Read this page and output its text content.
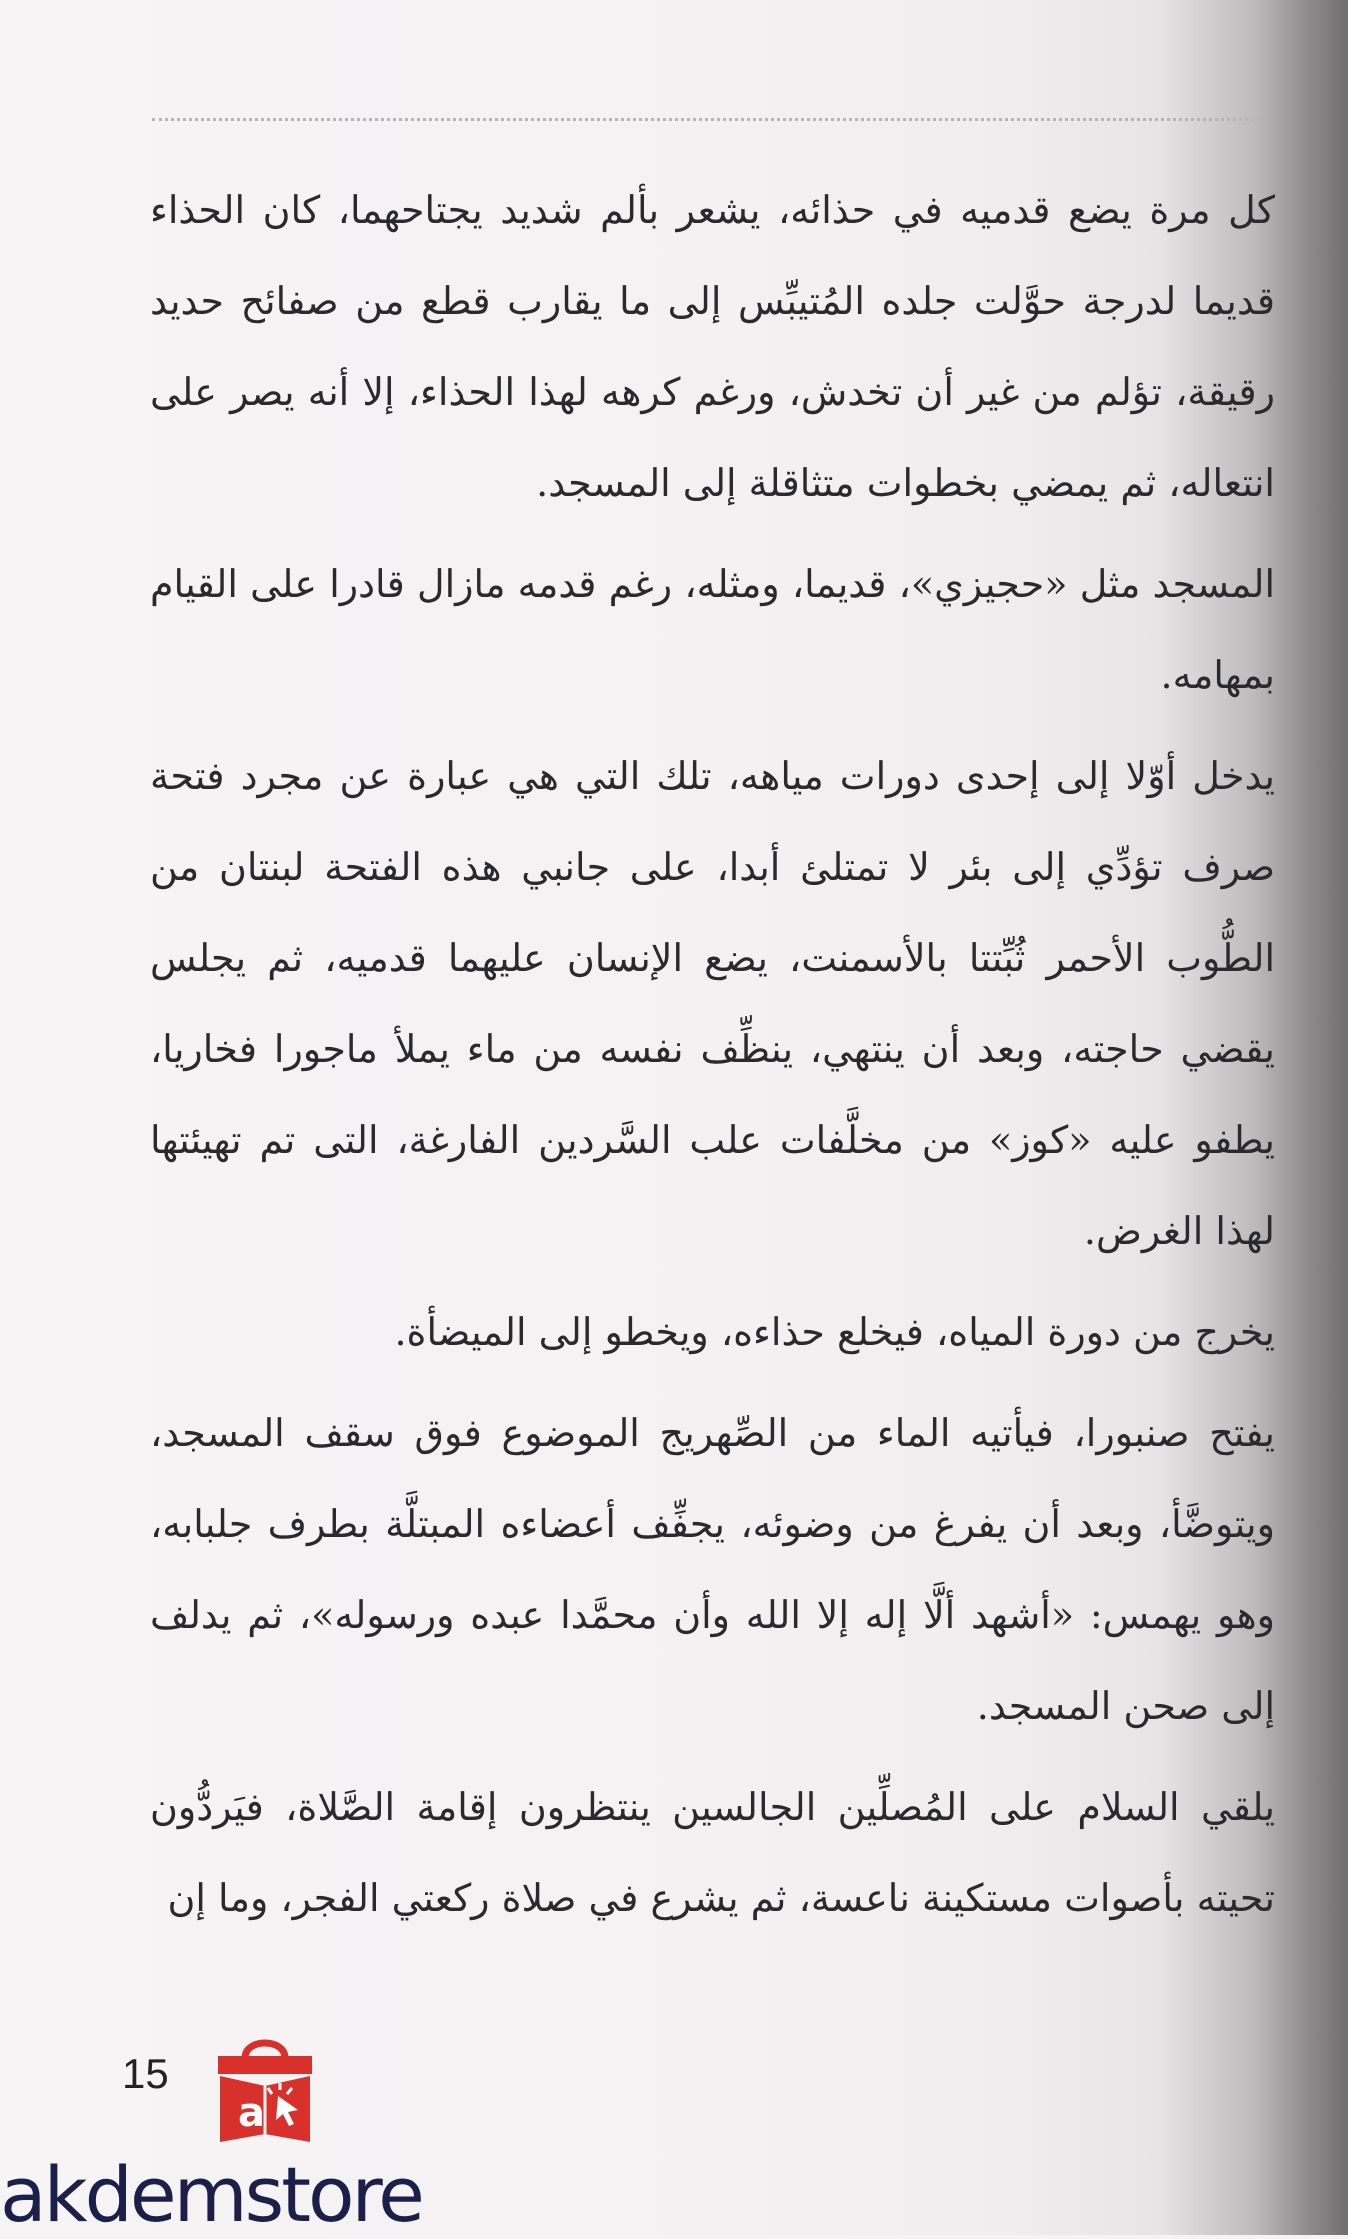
كل مرة يضع قدميه في حذائه، يشعر بألم شديد يجتاحهما، كان الحذاء قديما لدرجة حوَّلت جلده المُتيبِّس إلى ما يقارب قطع من صفائح حديد رقيقة، تؤلم من غير أن تخدش، ورغم كرهه لهذا الحذاء، إلا أنه يصر على انتعاله، ثم يمضي بخطوات متثاقلة إلى المسجد.

المسجد مثل «حجيزي»، قديما، ومثله، رغم قدمه مازال قادرا على القيام بمهامه.

يدخل أوّلا إلى إحدى دورات مياهه، تلك التي هي عبارة عن مجرد فتحة صرف تؤدِّي إلى بئر لا تمتلئ أبدا، على جانبي هذه الفتحة لبنتان من الطُّوب الأحمر ثُبِّتتا بالأسمنت، يضع الإنسان عليهما قدميه، ثم يجلس يقضي حاجته، وبعد أن ينتهي، ينظِّف نفسه من ماء يملأ ماجورا فخاريا، يطفو عليه «كوز» من مخلَّفات علب السَّردين الفارغة، التى تم تهيئتها لهذا الغرض.

يخرج من دورة المياه، فيخلع حذاءه، ويخطو إلى الميضأة.

يفتح صنبورا، فيأتيه الماء من الصِّهريج الموضوع فوق سقف المسجد، ويتوضَّأ، وبعد أن يفرغ من وضوئه، يجفِّف أعضاءه المبتلَّة بطرف جلبابه، وهو يهمس: «أشهد ألَّا إله إلا الله وأن محمَّدا عبده ورسوله»، ثم يدلف إلى صحن المسجد.

يلقي السلام على المُصلِّين الجالسين ينتظرون إقامة الصَّلاة، فيَردُّون تحيته بأصوات مستكينة ناعسة، ثم يشرع في صلاة ركعتي الفجر، وما إن

15
a
akdemstore
